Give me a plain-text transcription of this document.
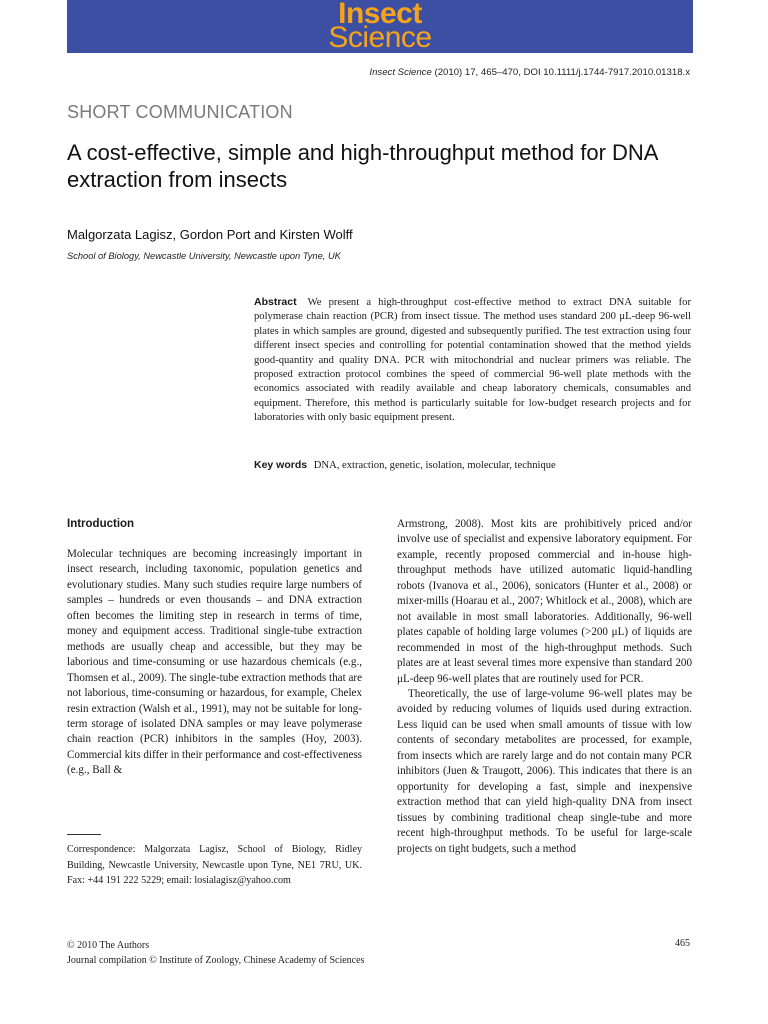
Insect
Science
Insect Science (2010) 17, 465–470, DOI 10.1111/j.1744-7917.2010.01318.x
SHORT COMMUNICATION
A cost-effective, simple and high-throughput method for DNA extraction from insects
Malgorzata Lagisz, Gordon Port and Kirsten Wolff
School of Biology, Newcastle University, Newcastle upon Tyne, UK
Abstract We present a high-throughput cost-effective method to extract DNA suitable for polymerase chain reaction (PCR) from insect tissue. The method uses standard 200 μL-deep 96-well plates in which samples are ground, digested and subsequently purified. The test extraction using four different insect species and controlling for potential contamination showed that the method yields good-quantity and quality DNA. PCR with mitochondrial and nuclear primers was reliable. The proposed extraction protocol combines the speed of commercial 96-well plate methods with the economics associated with readily available and cheap laboratory chemicals, consumables and equipment. Therefore, this method is particularly suitable for low-budget research projects and for laboratories with only basic equipment present.
Key words DNA, extraction, genetic, isolation, molecular, technique
Introduction

Molecular techniques are becoming increasingly important in insect research, including taxonomic, population genetics and evolutionary studies. Many such studies require large numbers of samples – hundreds or even thousands – and DNA extraction often becomes the limiting step in research in terms of time, money and equipment access. Traditional single-tube extraction methods are usually cheap and accessible, but they may be laborious and time-consuming or use hazardous chemicals (e.g., Thomsen et al., 2009). The single-tube extraction methods that are not laborious, time-consuming or hazardous, for example, Chelex resin extraction (Walsh et al., 1991), may not be suitable for long-term storage of isolated DNA samples or may leave polymerase chain reaction (PCR) inhibitors in the samples (Hoy, 2003). Commercial kits differ in their performance and cost-effectiveness (e.g., Ball &

Armstrong, 2008). Most kits are prohibitively priced and/or involve use of specialist and expensive laboratory equipment. For example, recently proposed commercial and in-house high-throughput methods have utilized automatic liquid-handling robots (Ivanova et al., 2006), sonicators (Hunter et al., 2008) or mixer-mills (Hoarau et al., 2007; Whitlock et al., 2008), which are not available in most small laboratories. Additionally, 96-well plates capable of holding large volumes (>200 μL) of liquids are recommended in most of the high-throughput methods. Such plates are at least several times more expensive than standard 200 μL-deep 96-well plates that are routinely used for PCR.

Theoretically, the use of large-volume 96-well plates may be avoided by reducing volumes of liquids used during extraction. Less liquid can be used when small amounts of tissue with low contents of secondary metabolites are processed, for example, from insects which are rarely large and do not contain many PCR inhibitors (Juen & Traugott, 2006). This indicates that there is an opportunity for developing a fast, simple and inexpensive extraction method that can yield high-quality DNA from insect tissues by combining traditional cheap single-tube and more recent high-throughput methods. To be useful for large-scale projects on tight budgets, such a method

Correspondence: Malgorzata Lagisz, School of Biology, Ridley Building, Newcastle University, Newcastle upon Tyne, NE1 7RU, UK. Fax: +44 191 222 5229; email: losialagisz@yahoo.com
© 2010 The Authors
Journal compilation © Institute of Zoology, Chinese Academy of Sciences
465
